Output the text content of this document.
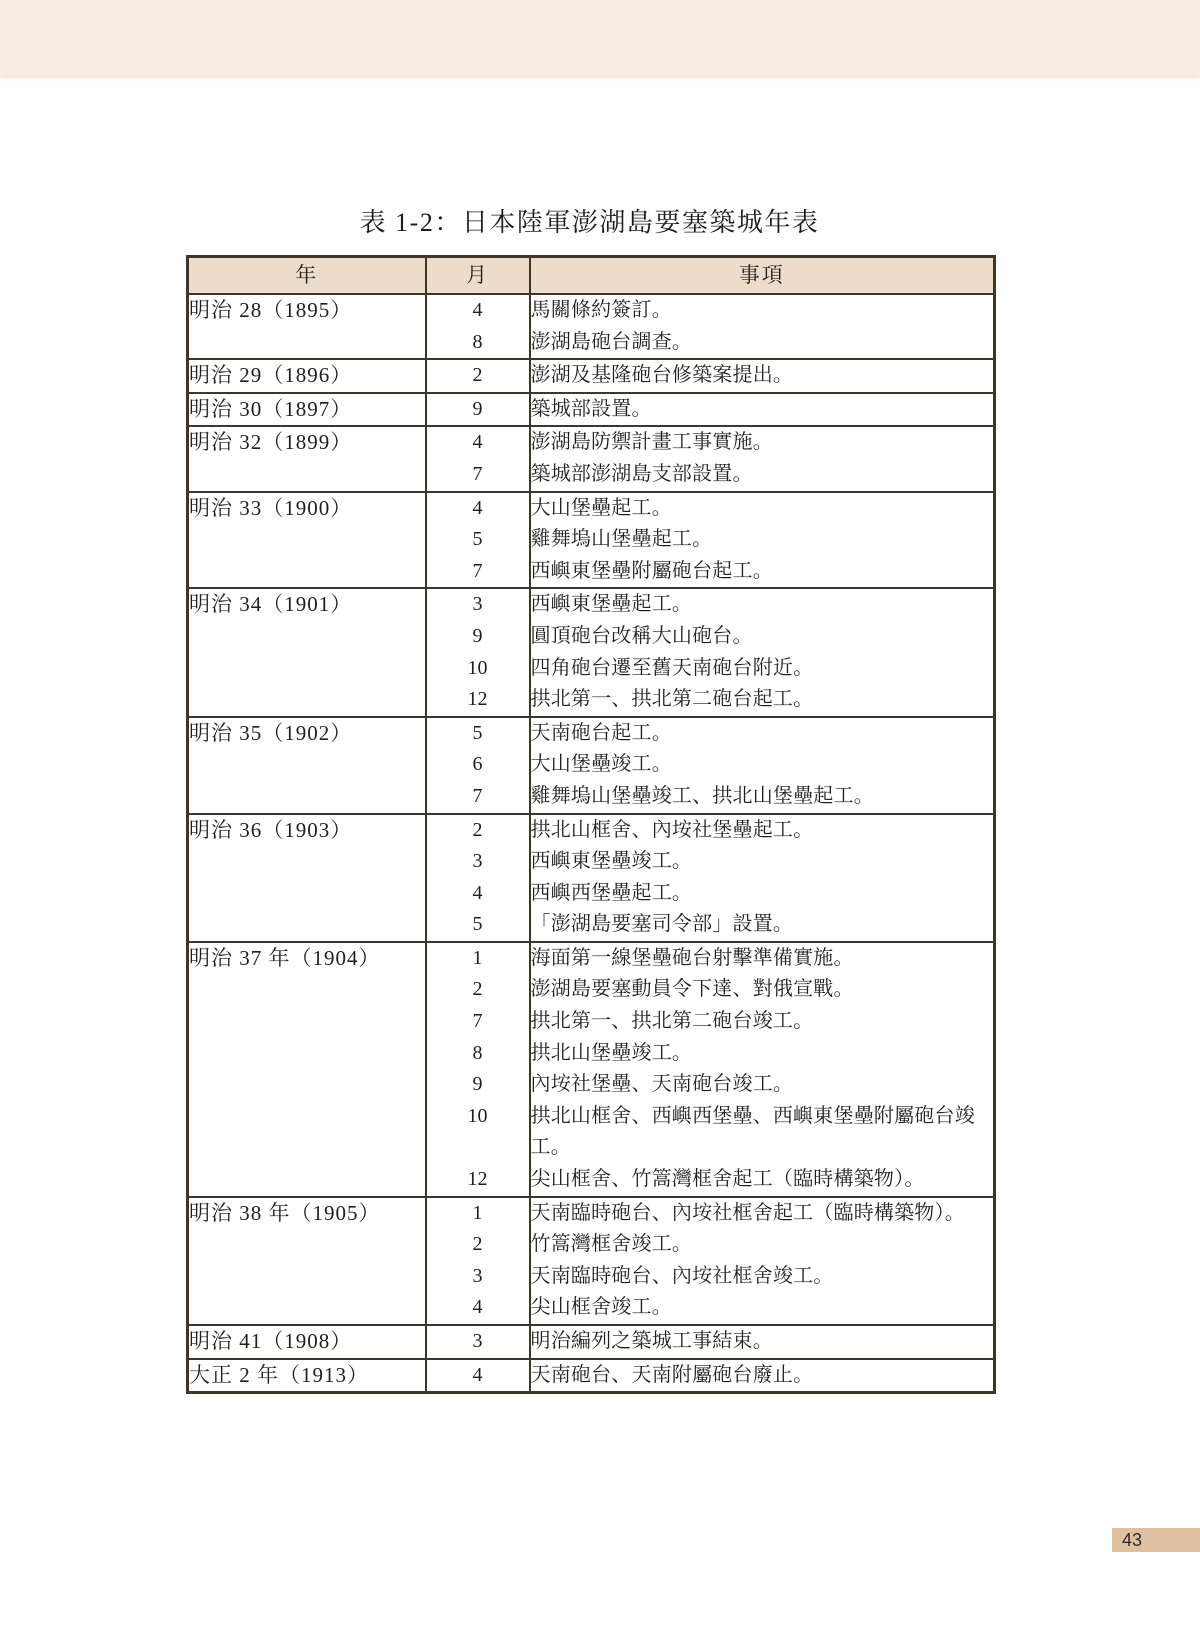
表 1-2：日本陸軍澎湖島要塞築城年表
年	月	事項
明治 28（1895）	4	馬關條約簽訂。
	8	澎湖島砲台調查。
明治 29（1896）	2	澎湖及基隆砲台修築案提出。
明治 30（1897）	9	築城部設置。
明治 32（1899）	4	澎湖島防禦計畫工事實施。
	7	築城部澎湖島支部設置。
明治 33（1900）	4	大山堡壘起工。
	5	雞舞塢山堡壘起工。
	7	西嶼東堡壘附屬砲台起工。
明治 34（1901）	3	西嶼東堡壘起工。
	9	圓頂砲台改稱大山砲台。
	10	四角砲台遷至舊天南砲台附近。
	12	拱北第一、拱北第二砲台起工。
明治 35（1902）	5	天南砲台起工。
	6	大山堡壘竣工。
	7	雞舞塢山堡壘竣工、拱北山堡壘起工。
明治 36（1903）	2	拱北山框舍、內垵社堡壘起工。
	3	西嶼東堡壘竣工。
	4	西嶼西堡壘起工。
	5	「澎湖島要塞司令部」設置。
明治 37 年（1904）	1	海面第一線堡壘砲台射擊準備實施。
	2	澎湖島要塞動員令下達、對俄宣戰。
	7	拱北第一、拱北第二砲台竣工。
	8	拱北山堡壘竣工。
	9	內垵社堡壘、天南砲台竣工。
	10	拱北山框舍、西嶼西堡壘、西嶼東堡壘附屬砲台竣工。
	12	尖山框舍、竹篙灣框舍起工（臨時構築物）。
明治 38 年（1905）	1	天南臨時砲台、內垵社框舍起工（臨時構築物）。
	2	竹篙灣框舍竣工。
	3	天南臨時砲台、內垵社框舍竣工。
	4	尖山框舍竣工。
明治 41（1908）	3	明治編列之築城工事結束。
大正 2 年（1913）	4	天南砲台、天南附屬砲台廢止。
43
